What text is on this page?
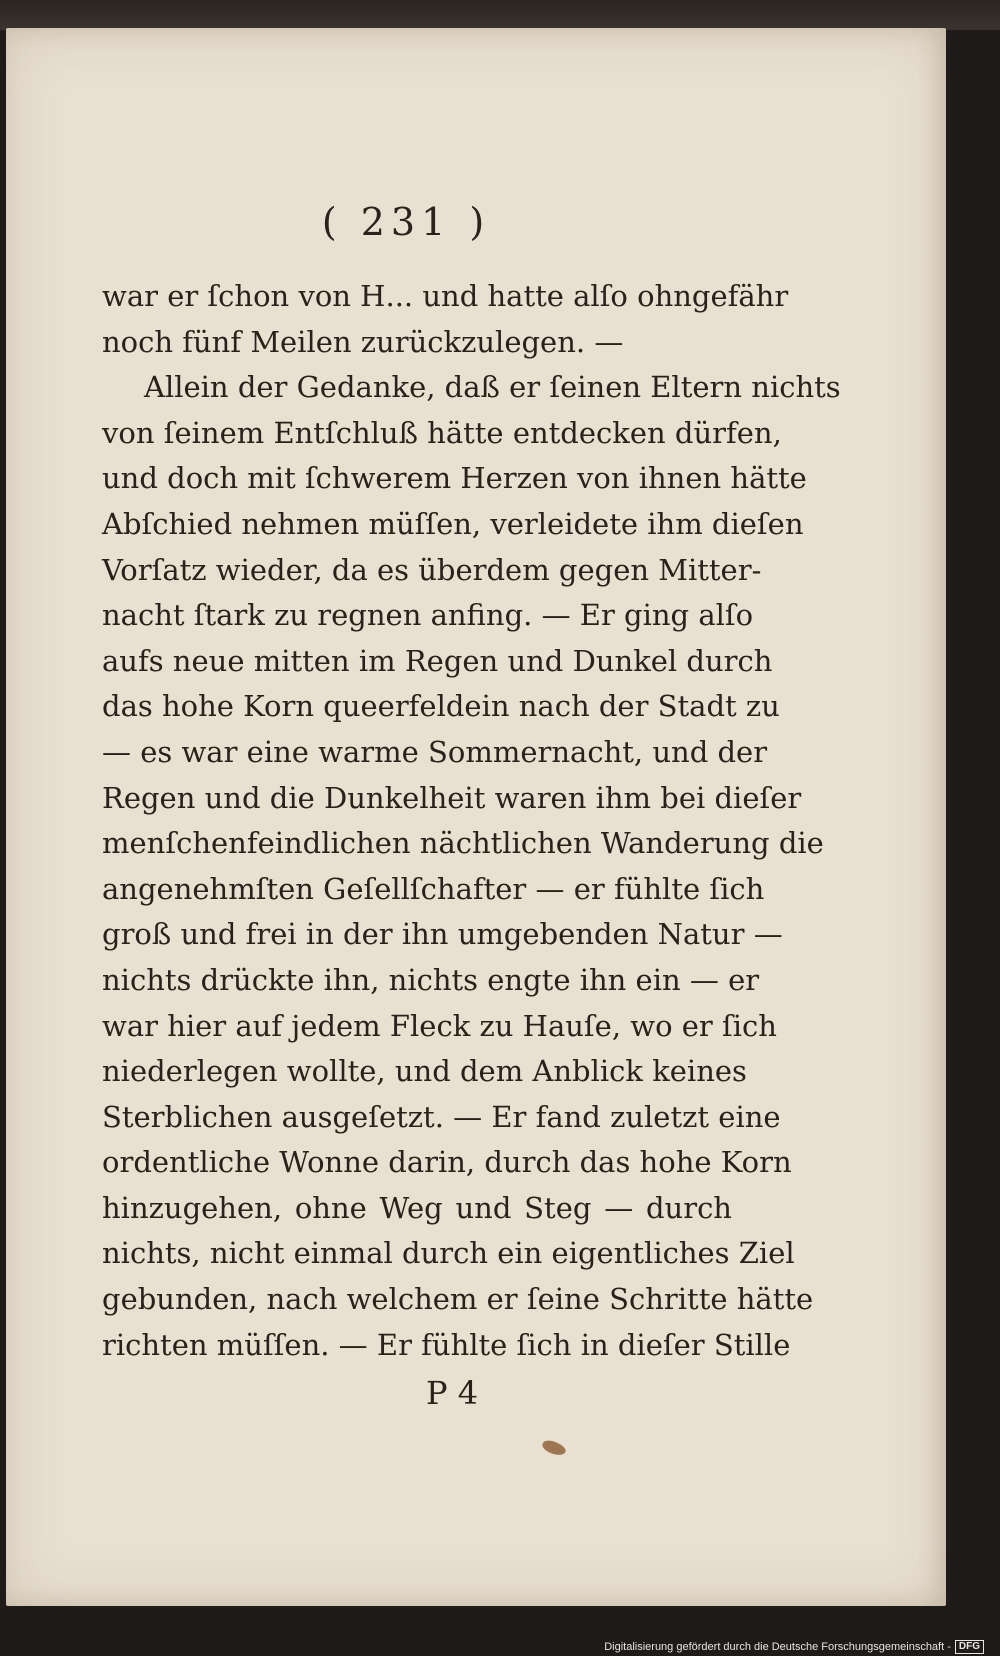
( 231 )
war er ſchon von H... und hatte alſo ohngefähr
noch fünf Meilen zurückzulegen. —
Allein der Gedanke, daß er ſeinen Eltern nichts
von ſeinem Entſchluß hätte entdecken dürfen,
und doch mit ſchwerem Herzen von ihnen hätte
Abſchied nehmen müſſen, verleidete ihm dieſen
Vorſatz wieder, da es überdem gegen Mitter-
nacht ſtark zu regnen anfing. — Er ging alſo
aufs neue mitten im Regen und Dunkel durch
das hohe Korn queerfeldein nach der Stadt zu
— es war eine warme Sommernacht, und der
Regen und die Dunkelheit waren ihm bei dieſer
menſchenfeindlichen nächtlichen Wanderung die
angenehmſten Geſellſchafter — er fühlte ſich
groß und frei in der ihn umgebenden Natur —
nichts drückte ihn, nichts engte ihn ein — er
war hier auf jedem Fleck zu Hauſe, wo er ſich
niederlegen wollte, und dem Anblick keines
Sterblichen ausgeſetzt. — Er fand zuletzt eine
ordentliche Wonne darin, durch das hohe Korn
hinzugehen, ohne Weg und Steg — durch
nichts, nicht einmal durch ein eigentliches Ziel
gebunden, nach welchem er ſeine Schritte hätte
richten müſſen. — Er fühlte ſich in dieſer Stille
P 4
Digitalisierung gefördert durch die Deutsche Forschungsgemeinschaft - DFG
